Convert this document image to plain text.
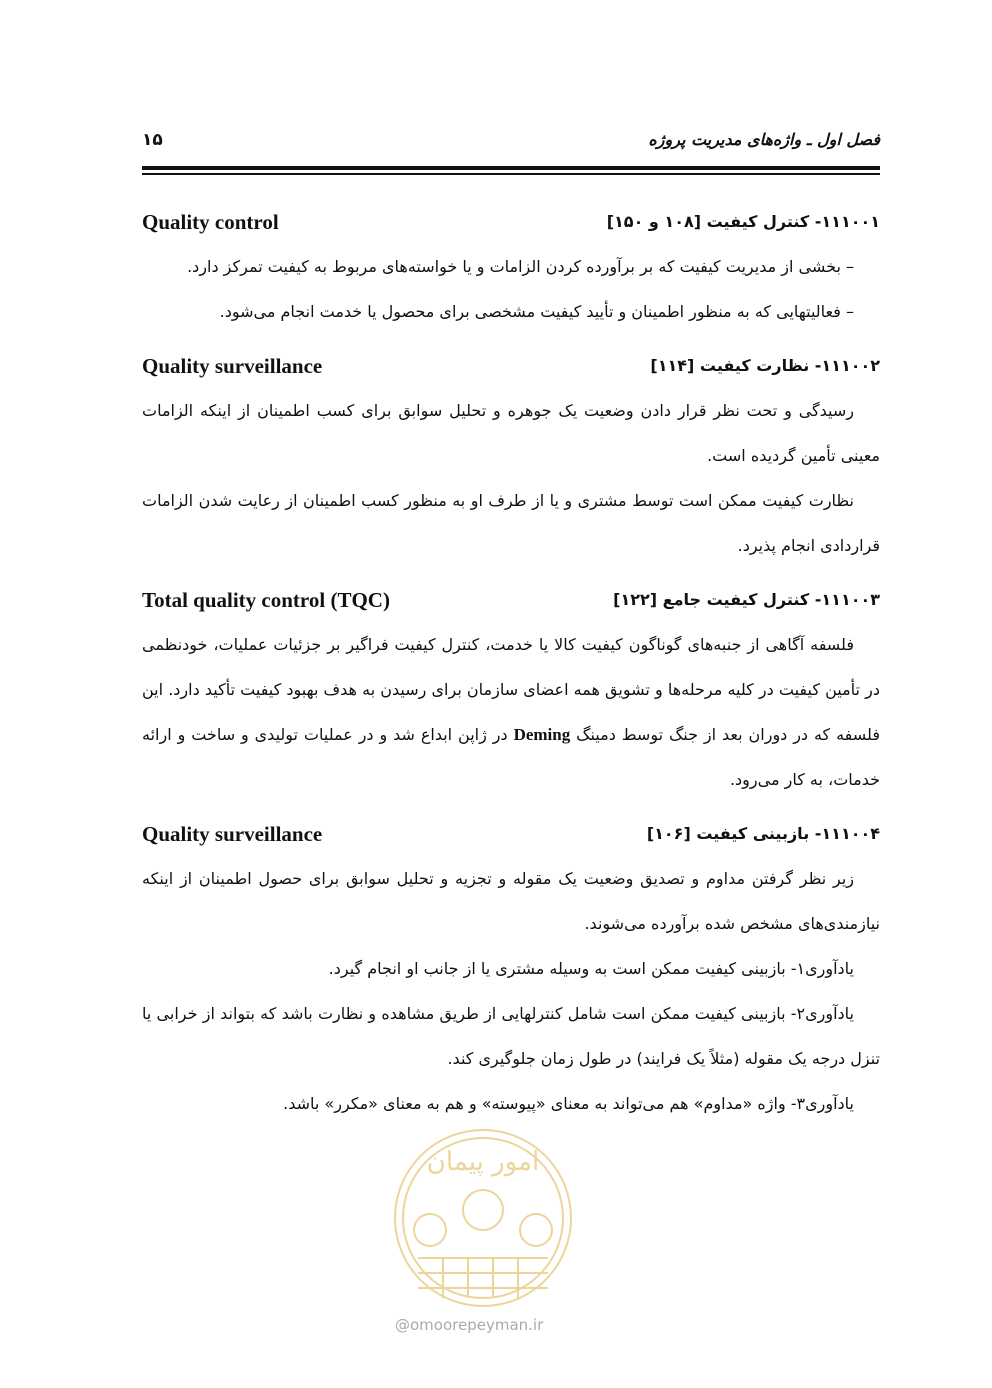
فصل اول ـ واژه‌های مدیریت پروژه
۱۵
۱۱۱۰۰۱- کنترل کیفیت [۱۰۸ و ۱۵۰]
Quality control

– بخشی از مدیریت کیفیت که بر برآورده کردن الزامات و یا خواسته‌های مربوط به کیفیت تمرکز دارد.

– فعالیتهایی که به منظور اطمینان و تأیید کیفیت مشخصی برای محصول یا خدمت انجام می‌شود.

۱۱۱۰۰۲- نظارت کیفیت [۱۱۴]
Quality surveillance

رسیدگی و تحت نظر قرار دادن وضعیت یک جوهره و تحلیل سوابق برای کسب اطمینان از اینکه الزامات معینی تأمین گردیده است.

نظارت کیفیت ممکن است توسط مشتری و یا از طرف او به منظور کسب اطمینان از رعایت شدن الزامات قراردادی انجام پذیرد.

۱۱۱۰۰۳- کنترل کیفیت جامع [۱۲۲]
Total quality control (TQC)

فلسفه آگاهی از جنبه‌های گوناگون کیفیت کالا یا خدمت، کنترل کیفیت فراگیر بر جزئیات عملیات، خودنظمی در تأمین کیفیت در کلیه مرحله‌ها و تشویق همه اعضای سازمان برای رسیدن به هدف بهبود کیفیت تأکید دارد. این فلسفه که در دوران بعد از جنگ توسط دمینگ Deming در ژاپن ابداع شد و در عملیات تولیدی و ساخت و ارائه خدمات، به کار می‌رود.

۱۱۱۰۰۴- بازبینی کیفیت [۱۰۶]
Quality surveillance

زیر نظر گرفتن مداوم و تصدیق وضعیت یک مقوله و تجزیه و تحلیل سوابق برای حصول اطمینان از اینکه نیازمندی‌های مشخص شده برآورده می‌شوند.

یادآوری۱- بازبینی کیفیت ممکن است به وسیله مشتری یا از جانب او انجام گیرد.

یادآوری۲- بازبینی کیفیت ممکن است شامل کنترلهایی از طریق مشاهده و نظارت باشد که بتواند از خرابی یا تنزل درجه یک مقوله (مثلاً یک فرایند) در طول زمان جلوگیری کند.

یادآوری۳- واژه «مداوم» هم می‌تواند به معنای «پیوسته» و هم به معنای «مکرر» باشد.

امور پیمان
@omoorepeyman.ir
